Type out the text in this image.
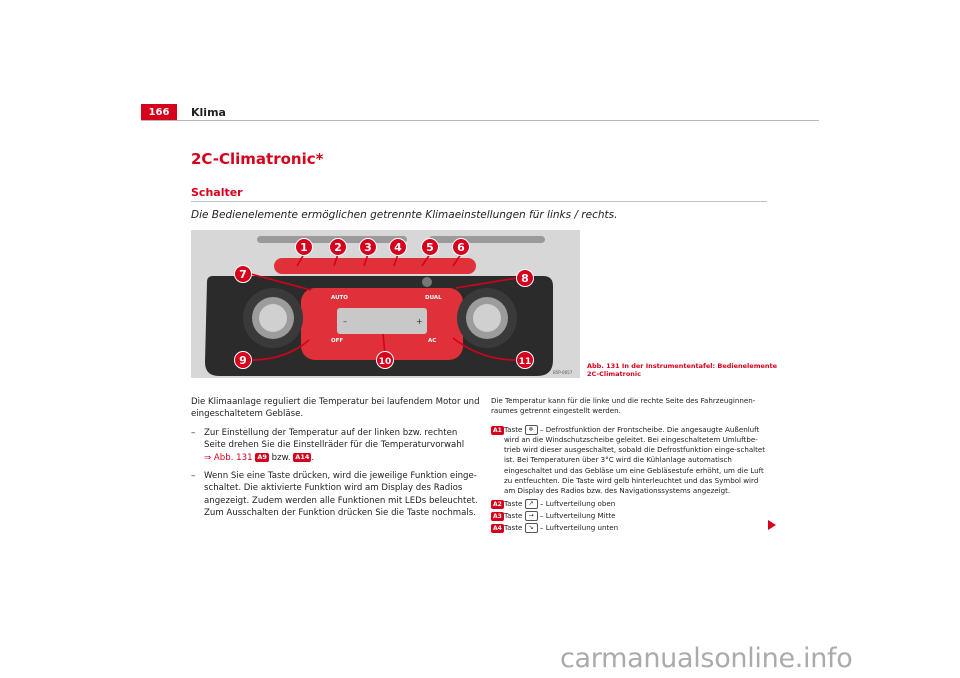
166	Klima
2C-Climatronic*
Schalter
Die Bedienelemente ermöglichen getrennte Klimaeinstellungen für links / rechts.
AUTO	DUAL
OFF	AC
–	+
1 2 3 4 5 6
7	8
9	10	11
B5P-0657
Abb. 131 In der Instrumententafel: Bedienelemente 2C-Climatronic

Die Klimaanlage reguliert die Temperatur bei laufendem Motor und eingeschaltetem Gebläse.

– Zur Einstellung der Temperatur auf der linken bzw. rechten Seite drehen Sie die Einstellräder für die Temperaturvorwahl
⇒ Abb. 131 A9 bzw. A14 .
– Wenn Sie eine Taste drücken, wird die jeweilige Funktion einge-schaltet. Die aktivierte Funktion wird am Display des Radios angezeigt. Zudem werden alle Funktionen mit LEDs beleuchtet. Zum Ausschalten der Funktion drücken Sie die Taste nochmals.

Die Temperatur kann für die linke und die rechte Seite des Fahrzeuginnen-raumes getrennt eingestellt werden.

A1 Taste ❄ – Defrostfunktion der Frontscheibe. Die angesaugte Außenluft wird an die Windschutzscheibe geleitet. Bei eingeschaltetem Umluftbe-trieb wird dieser ausgeschaltet, sobald die Defrostfunktion einge-schaltet ist. Bei Temperaturen über 3°C wird die Kühlanlage automatisch eingeschaltet und das Gebläse um eine Gebläsestufe erhöht, um die Luft zu entfeuchten. Die Taste wird gelb hinterleuchtet und das Symbol wird am Display des Radios bzw. des Navigationssystems angezeigt.
A2 Taste ↗ – Luftverteilung oben
A3 Taste → – Luftverteilung Mitte
A4 Taste ↘ – Luftverteilung unten
carmanualsonline.info
